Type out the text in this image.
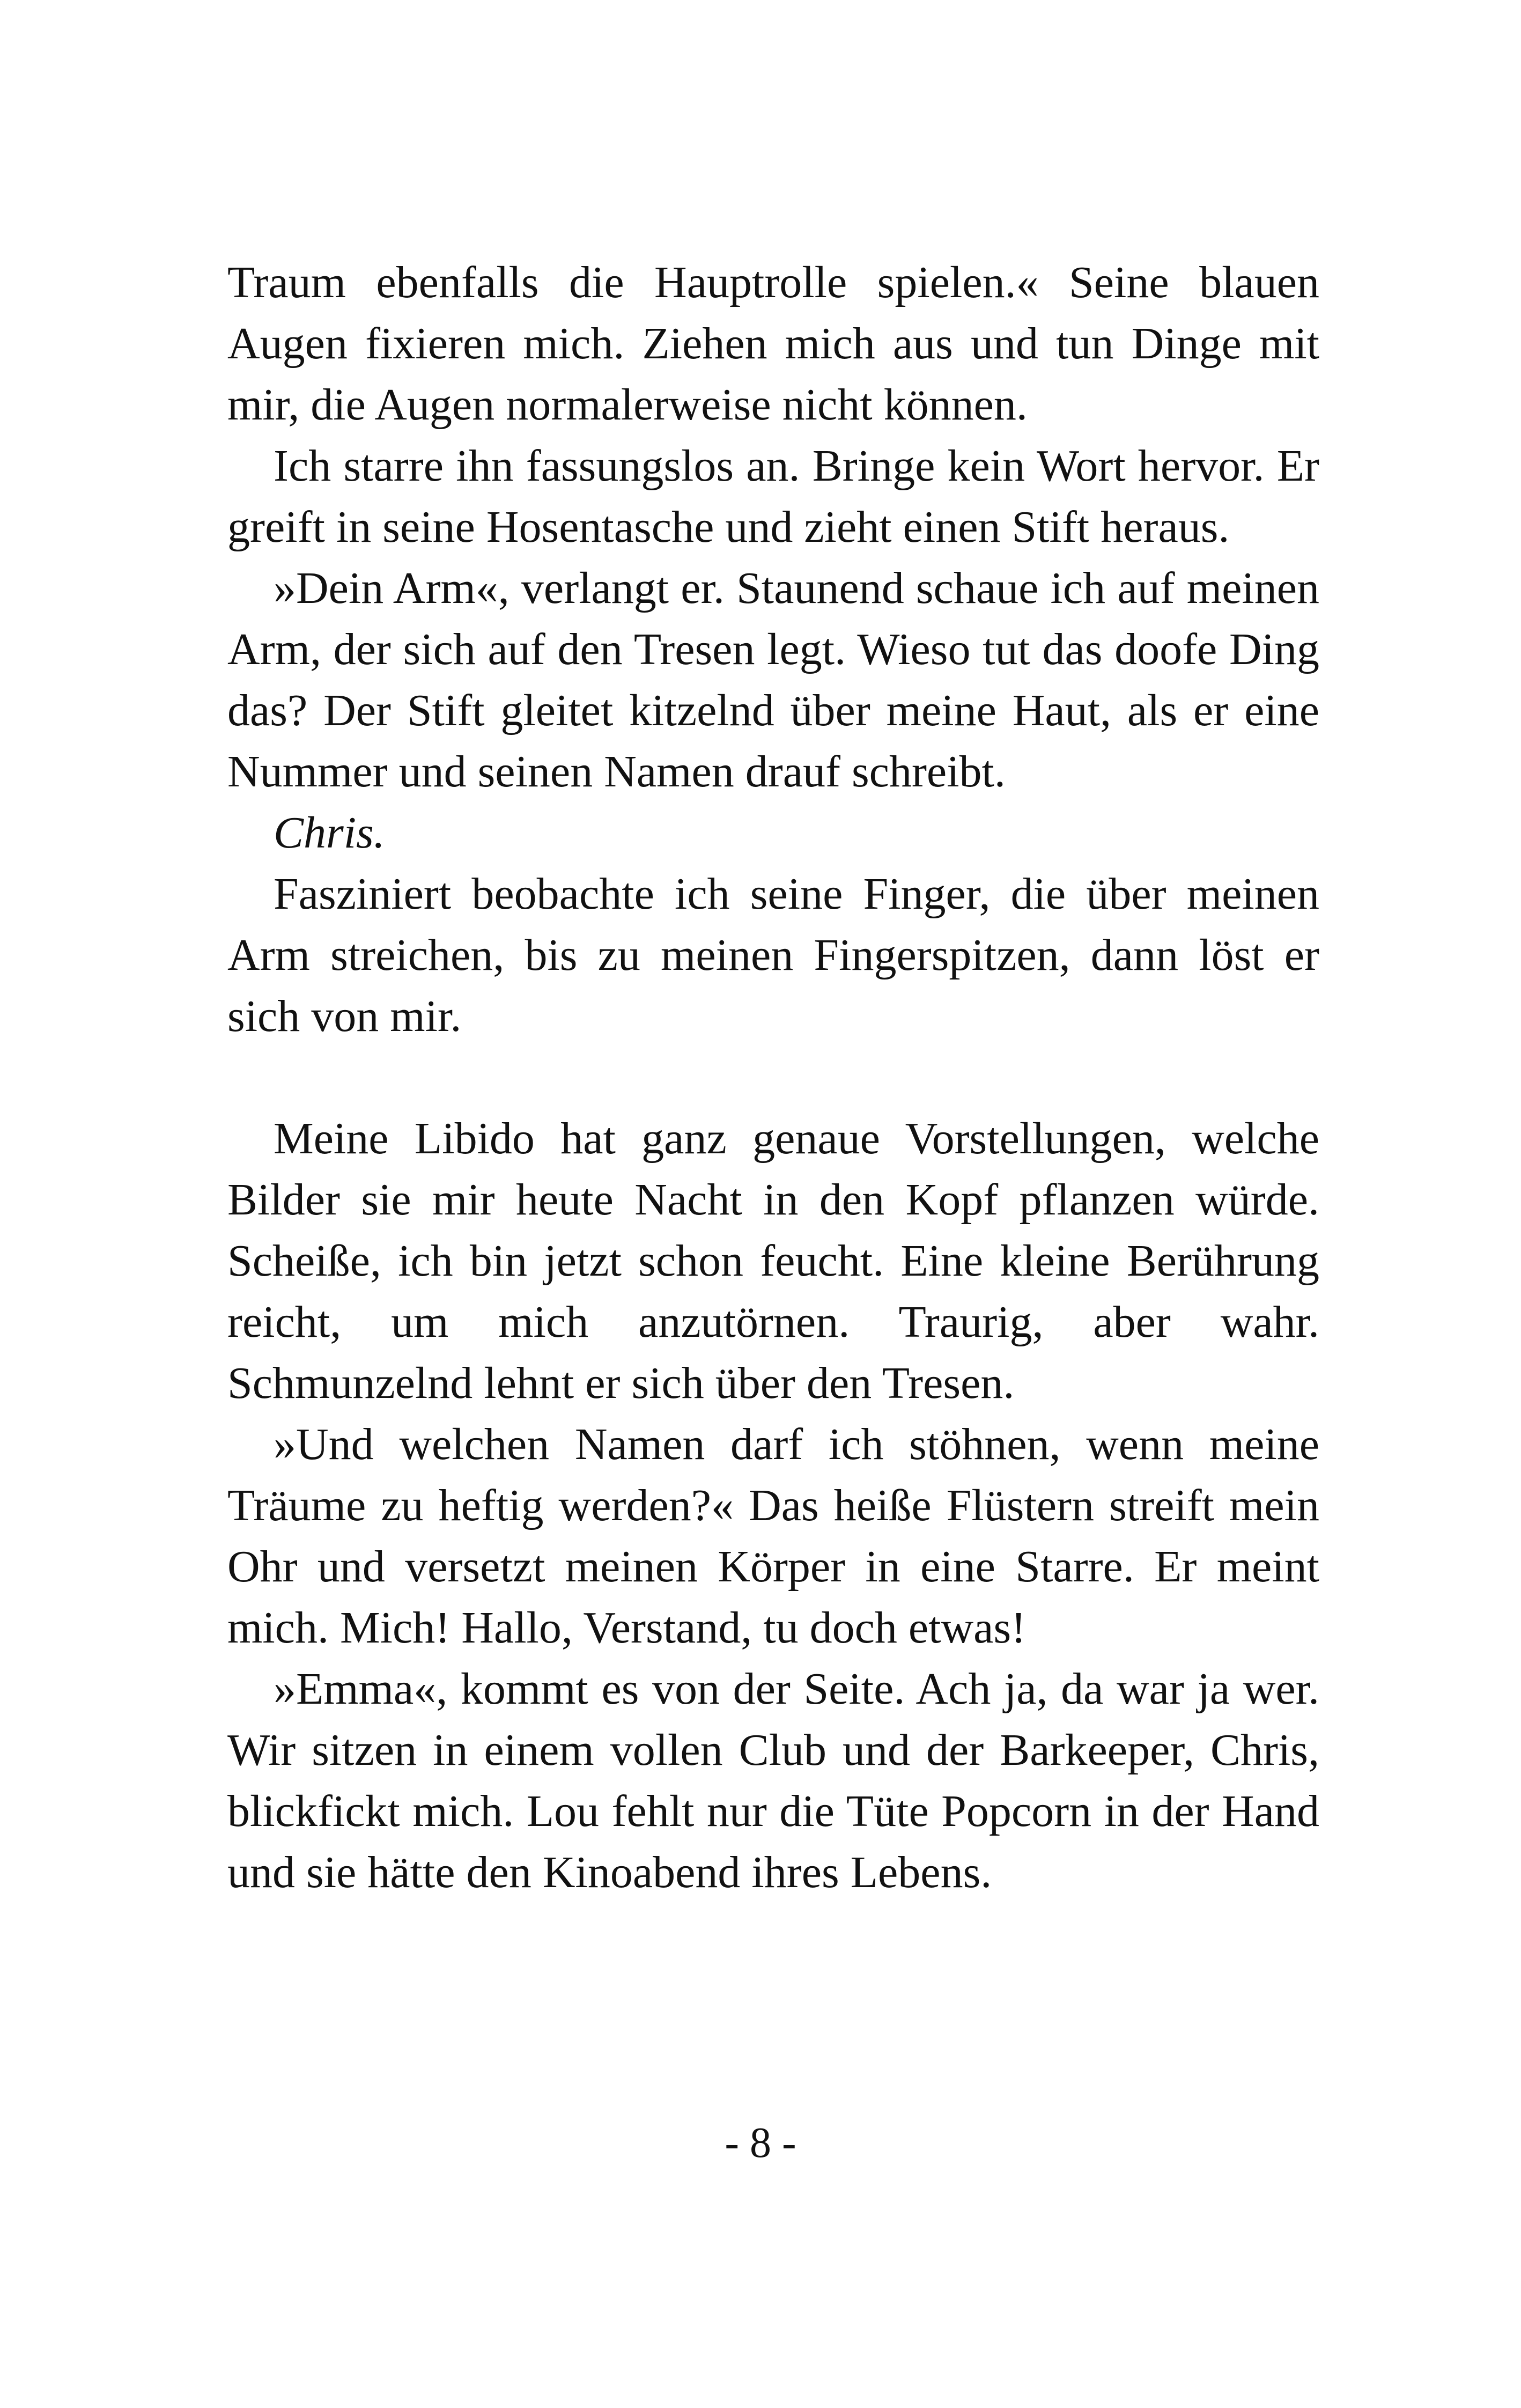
Traum ebenfalls die Hauptrolle spielen.« Seine blauen Augen fixieren mich. Ziehen mich aus und tun Dinge mit mir, die Augen normalerweise nicht können.

Ich starre ihn fassungslos an. Bringe kein Wort hervor. Er greift in seine Hosentasche und zieht einen Stift heraus.

»Dein Arm«, verlangt er. Staunend schaue ich auf meinen Arm, der sich auf den Tresen legt. Wieso tut das doofe Ding das? Der Stift gleitet kitzelnd über meine Haut, als er eine Nummer und seinen Namen drauf schreibt.

Chris.

Fasziniert beobachte ich seine Finger, die über meinen Arm streichen, bis zu meinen Fingerspitzen, dann löst er sich von mir.

Meine Libido hat ganz genaue Vorstellungen, welche Bilder sie mir heute Nacht in den Kopf pflanzen würde. Scheiße, ich bin jetzt schon feucht. Eine kleine Berührung reicht, um mich anzutörnen. Traurig, aber wahr. Schmunzelnd lehnt er sich über den Tresen.

»Und welchen Namen darf ich stöhnen, wenn meine Träume zu heftig werden?« Das heiße Flüstern streift mein Ohr und versetzt meinen Körper in eine Starre. Er meint mich. Mich! Hallo, Verstand, tu doch etwas!

»Emma«, kommt es von der Seite. Ach ja, da war ja wer. Wir sitzen in einem vollen Club und der Barkeeper, Chris, blickfickt mich. Lou fehlt nur die Tüte Popcorn in der Hand und sie hätte den Kinoabend ihres Lebens.

- 8 -
